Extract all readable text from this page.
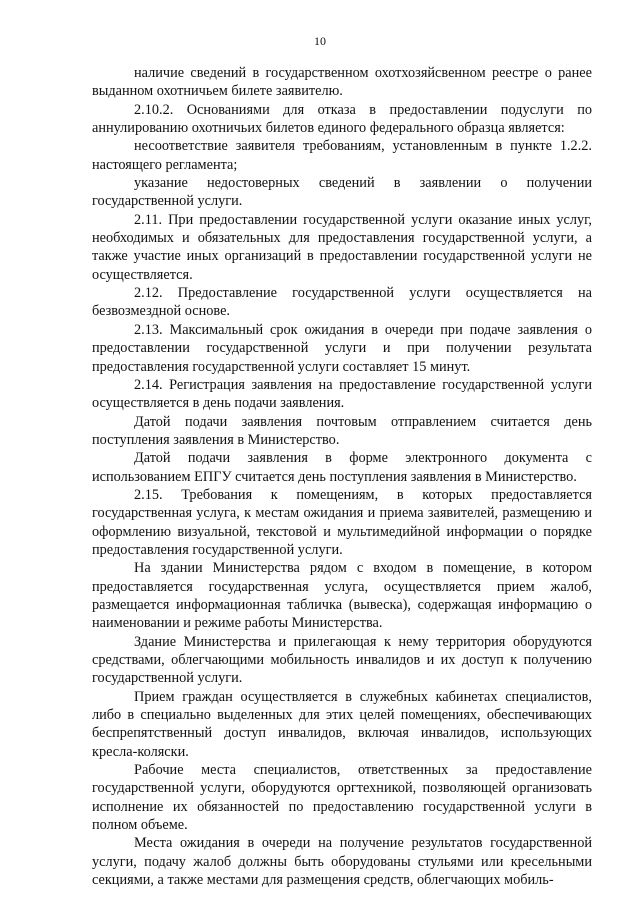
10

наличие сведений в государственном охотхозяйсвенном реестре о ранее выданном охотничьем билете заявителю.

2.10.2. Основаниями для отказа в предоставлении подуслуги по аннулированию охотничьих билетов единого федерального образца является:

несоответствие заявителя требованиям, установленным в пункте 1.2.2. настоящего регламента;

указание недостоверных сведений в заявлении о получении государственной услуги.

2.11. При предоставлении государственной услуги оказание иных услуг, необходимых и обязательных для предоставления государственной услуги, а также участие иных организаций в предоставлении государственной услуги не осуществляется.

2.12. Предоставление государственной услуги осуществляется на безвозмездной основе.

2.13. Максимальный срок ожидания в очереди при подаче заявления о предоставлении государственной услуги и при получении результата предоставления государственной услуги составляет 15 минут.

2.14. Регистрация заявления на предоставление государственной услуги осуществляется в день подачи заявления.

Датой подачи заявления почтовым отправлением считается день поступления заявления в Министерство.

Датой подачи заявления в форме электронного документа с использованием ЕПГУ считается день поступления заявления в Министерство.

2.15. Требования к помещениям, в которых предоставляется государственная услуга, к местам ожидания и приема заявителей, размещению и оформлению визуальной, текстовой и мультимедийной информации о порядке предоставления государственной услуги.

На здании Министерства рядом с входом в помещение, в котором предоставляется государственная услуга, осуществляется прием жалоб, размещается информационная табличка (вывеска), содержащая информацию о наименовании и режиме работы Министерства.

Здание Министерства и прилегающая к нему территория оборудуются средствами, облегчающими мобильность инвалидов и их доступ к получению государственной услуги.

Прием граждан осуществляется в служебных кабинетах специалистов, либо в специально выделенных для этих целей помещениях, обеспечивающих беспрепятственный доступ инвалидов, включая инвалидов, использующих кресла-коляски.

Рабочие места специалистов, ответственных за предоставление государственной услуги, оборудуются оргтехникой, позволяющей организовать исполнение их обязанностей по предоставлению государственной услуги в полном объеме.

Места ожидания в очереди на получение результатов государственной услуги, подачу жалоб должны быть оборудованы стульями или кресельными секциями, а также местами для размещения средств, облегчающих мобиль-
